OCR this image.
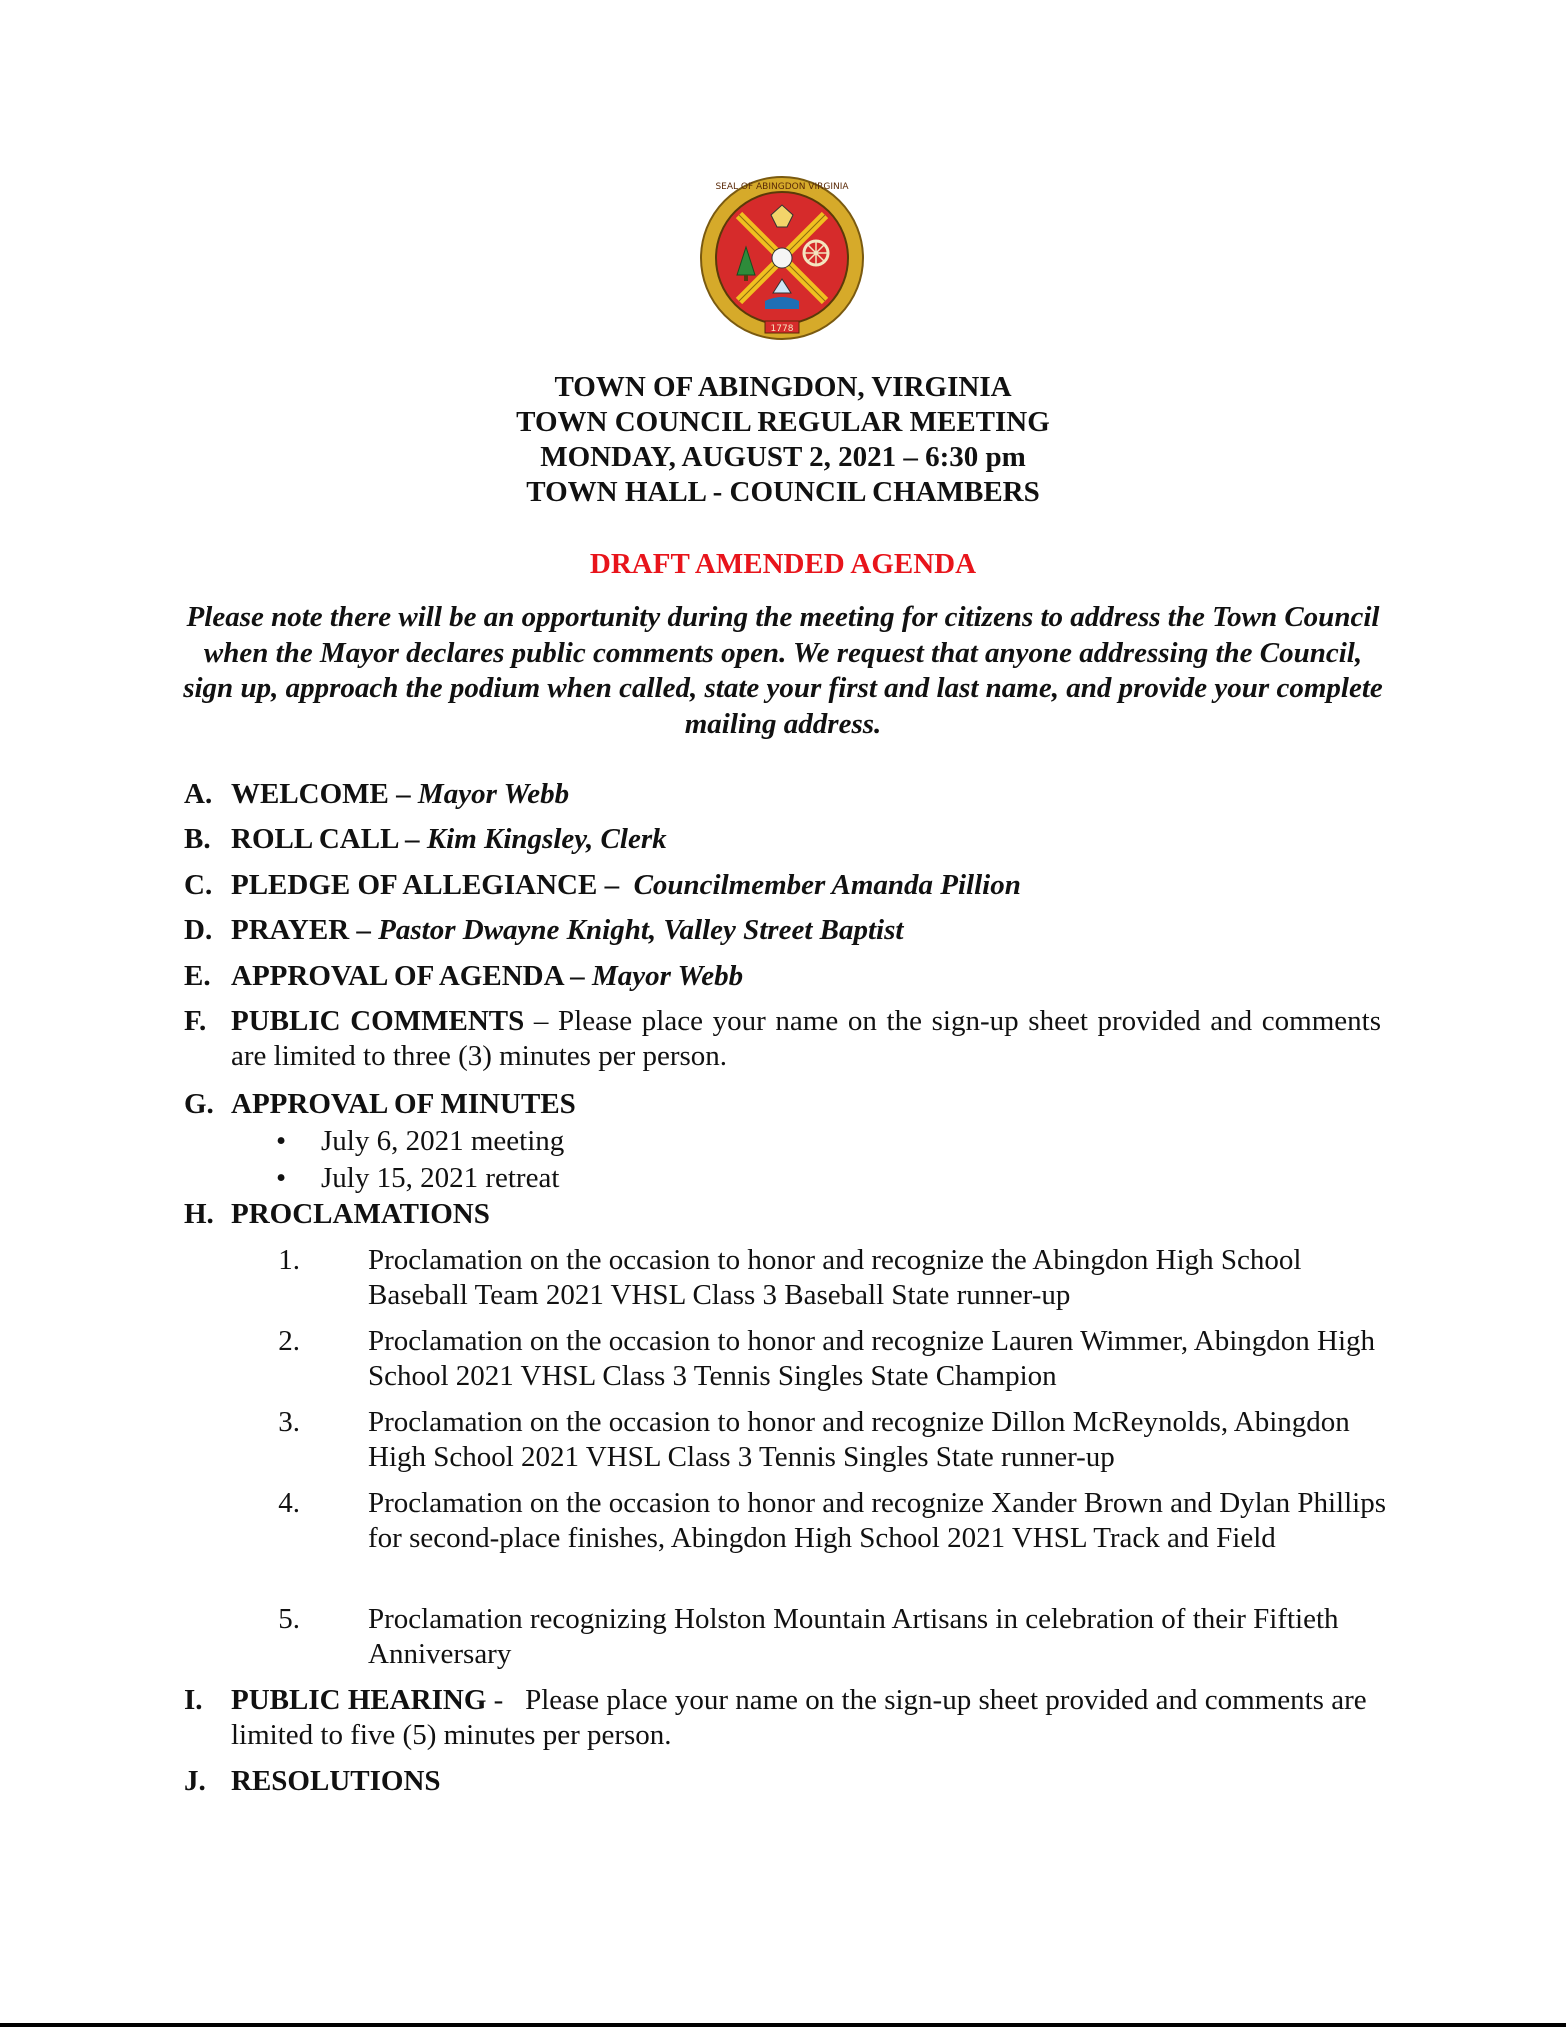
SEAL OF ABINGDON VIRGINIA
1778
TOWN OF ABINGDON, VIRGINIA
TOWN COUNCIL REGULAR MEETING
MONDAY, AUGUST 2, 2021 – 6:30 pm
TOWN HALL - COUNCIL CHAMBERS
DRAFT AMENDED AGENDA
Please note there will be an opportunity during the meeting for citizens to address the Town Council when the Mayor declares public comments open. We request that anyone addressing the Council, sign up, approach the podium when called, state your first and last name, and provide your complete mailing address.
A. WELCOME – Mayor Webb
B. ROLL CALL – Kim Kingsley, Clerk
C. PLEDGE OF ALLEGIANCE –  Councilmember Amanda Pillion
D. PRAYER – Pastor Dwayne Knight, Valley Street Baptist
E. APPROVAL OF AGENDA – Mayor Webb
F. PUBLIC COMMENTS – Please place your name on the sign-up sheet provided and comments are limited to three (3) minutes per person.
G. APPROVAL OF MINUTES
• July 6, 2021 meeting
• July 15, 2021 retreat
H. PROCLAMATIONS
1. Proclamation on the occasion to honor and recognize the Abingdon High School Baseball Team 2021 VHSL Class 3 Baseball State runner-up
2. Proclamation on the occasion to honor and recognize Lauren Wimmer, Abingdon High School 2021 VHSL Class 3 Tennis Singles State Champion
3. Proclamation on the occasion to honor and recognize Dillon McReynolds, Abingdon High School 2021 VHSL Class 3 Tennis Singles State runner-up
4. Proclamation on the occasion to honor and recognize Xander Brown and Dylan Phillips for second-place finishes, Abingdon High School 2021 VHSL Track and Field
5. Proclamation recognizing Holston Mountain Artisans in celebration of their Fiftieth Anniversary
I. PUBLIC HEARING -   Please place your name on the sign-up sheet provided and comments are limited to five (5) minutes per person.
J. RESOLUTIONS
